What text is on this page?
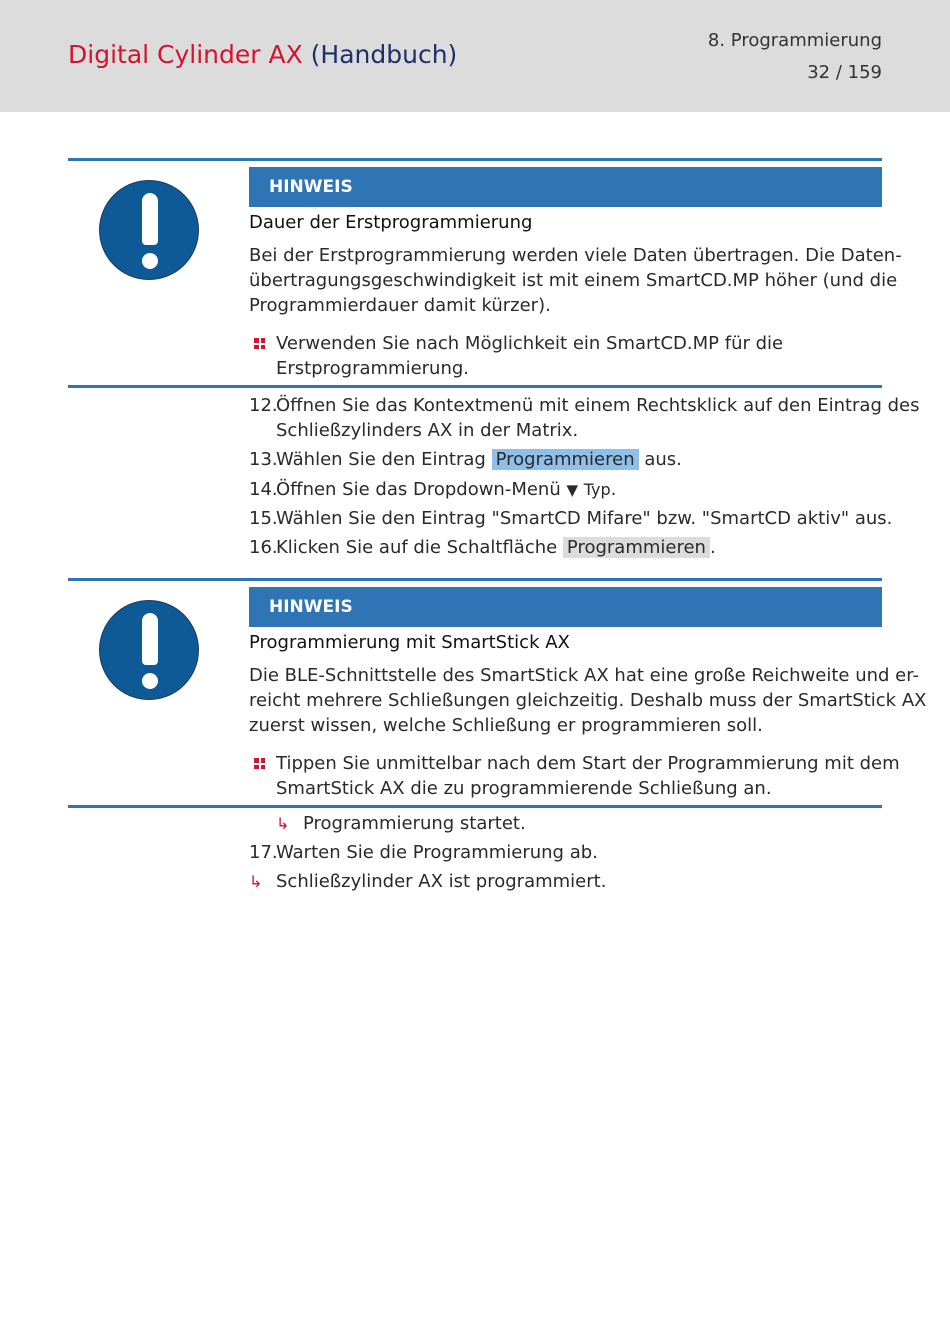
Digital Cylinder AX (Handbuch)	8. Programmierung
32 / 159
HINWEIS
Dauer der Erstprogrammierung
Bei der Erstprogrammierung werden viele Daten übertragen. Die Daten-
übertragungsgeschwindigkeit ist mit einem SmartCD.MP höher (und die
Programmierdauer damit kürzer).
Verwenden Sie nach Möglichkeit ein SmartCD.MP für die
Erstprogrammierung.
12.Öffnen Sie das Kontextmenü mit einem Rechtsklick auf den Eintrag des
Schließzylinders AX in der Matrix.
13.Wählen Sie den Eintrag Programmieren aus.
14.Öffnen Sie das Dropdown-Menü ▼ Typ.
15.Wählen Sie den Eintrag "SmartCD Mifare" bzw. "SmartCD aktiv" aus.
16.Klicken Sie auf die Schaltfläche Programmieren .
HINWEIS
Programmierung mit SmartStick AX
Die BLE-Schnittstelle des SmartStick AX hat eine große Reichweite und er-
reicht mehrere Schließungen gleichzeitig. Deshalb muss der SmartStick AX
zuerst wissen, welche Schließung er programmieren soll.
Tippen Sie unmittelbar nach dem Start der Programmierung mit dem
SmartStick AX die zu programmierende Schließung an.
↳ Programmierung startet.
17.Warten Sie die Programmierung ab.
↳ Schließzylinder AX ist programmiert.
